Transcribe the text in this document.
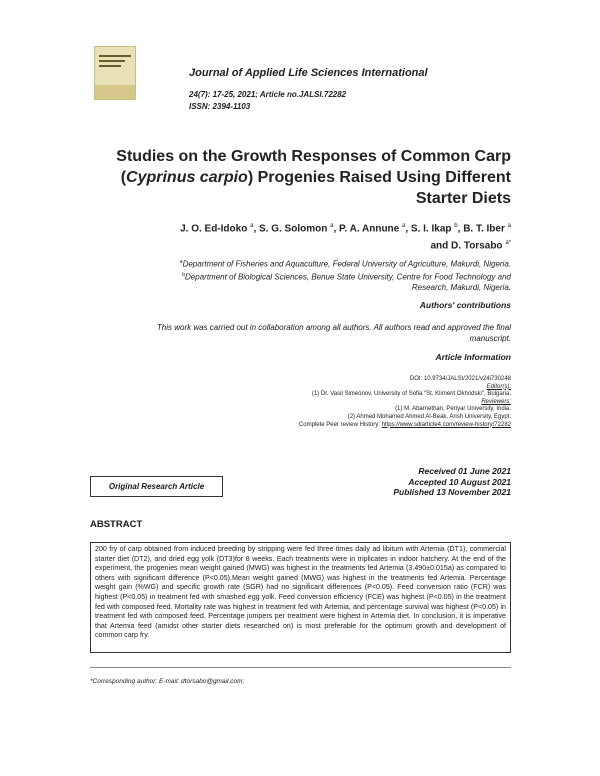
Journal of Applied Life Sciences International
24(7): 17-25, 2021; Article no.JALSI.72282
ISSN: 2394-1103
Studies on the Growth Responses of Common Carp
(Cyprinus carpio) Progenies Raised Using Different
Starter Diets
J. O. Ed-Idoko $^a$, S. G. Solomon $^a$, P. A. Annune $^a$, S. I. Ikap $^b$, B. T. Iber $^a$
and D. Torsabo $^{a*}$
$^a$Department of Fisheries and Aquaculture, Federal University of Agriculture, Makurdi, Nigeria.
$^b$Department of Biological Sciences, Benue State University, Centre for Food Technology and
Research, Makurdi, Nigeria.
Authors' contributions
This work was carried out in collaboration among all authors. All authors read and approved the final
manuscript.
Article Information
DOI: 10.9734/JALSI/2021/v24i730248
Editor(s):
(1) Dr. Vasil Simeonov, University of Sofia "St. Kliment Okhridski", Bulgaria.
Reviewers:
(1) M. Abarnethan, Periyar University, India.
(2) Ahmed Mohamed Ahmed Al-Beak, Arish University, Egypt.
Complete Peer review History: https://www.sdiarticle4.com/review-history/72282
Received 01 June 2021
Accepted 10 August 2021
Published 13 November 2021
Original Research Article
ABSTRACT
200 fry of carp obtained from induced breeding by stripping were fed three times daily ad libitum with Artemia (DT1), commercial starter diet (DT2), and dried egg yolk (DT3)for 8 weeks. Each treatments were in triplicates in indoor hatchery. At the end of the experiment, the progenies mean weight gained (MWG) was highest in the treatments fed Artemia (3.490±0.015a) as compared to others with significant difference (P<0.05).Mean weight gained (MWG) was highest in the treatments fed Artemia. Percentage weight gain (%WG) and specific growth rate (SGR) had no significant differences (P<0.05). Feed conversion ratio (FCR) was highest (P<0.05) in treatment fed with smashed egg yolk. Feed conversion efficiency (FCE) was highest (P<0.05) in the treatment fed with composed feed. Mortality rate was highest in treatment fed with Artemia, and percentage survival was highest (P<0.05) in treatment fed with composed feed. Percentage jumpers per treatment were highest in Artemia diet. In conclusion, it is imperative that Artemia feed (amidst other starter diets researched on) is most preferable for the optimum growth and development of common carp fry.
*Corresponding author: E-mail: dtorsabo@gmail.com;
